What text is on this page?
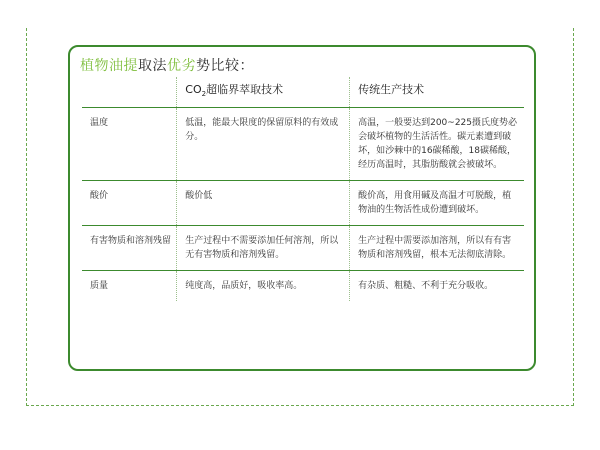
植物油提取法优劣势比较：
	$CO_2$超临界萃取技术	传统生产技术
温度	低温，能最大限度的保留原料的有效成分。	高温，一般要达到200~225摄氏度势必会破坏植物的生活活性。碳元素遭到破坏，如沙棘中的16碳稀酸，18碳稀酸，经历高温时，其脂肪酸就会被破坏。
酸价	酸价低	酸价高，用食用碱及高温才可脱酸，植物油的生物活性成份遭到破坏。
有害物质和溶剂残留	生产过程中不需要添加任何溶剂，所以无有害物质和溶剂残留。	生产过程中需要添加溶剂，所以有有害物质和溶剂残留，根本无法彻底清除。
质量	纯度高，品质好，吸收率高。	有杂质、粗糙、不利于充分吸收。
